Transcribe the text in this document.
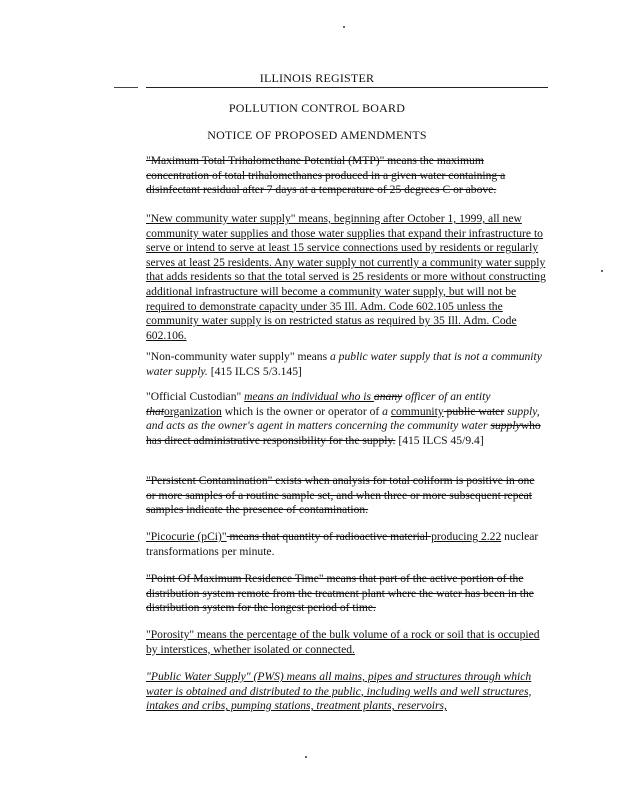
ILLINOIS REGISTER
POLLUTION CONTROL BOARD
NOTICE OF PROPOSED AMENDMENTS

"Maximum Total Trihalomethane Potential (MTP)" means the maximum concentration of total trihalomethanes produced in a given water containing a disinfectant residual after 7 days at a temperature of 25 degrees C or above.

"New community water supply" means, beginning after October 1, 1999, all new community water supplies and those water supplies that expand their infrastructure to serve or intend to serve at least 15 service connections used by residents or regularly serves at least 25 residents. Any water supply not currently a community water supply that adds residents so that the total served is 25 residents or more without constructing additional infrastructure will become a community water supply, but will not be required to demonstrate capacity under 35 Ill. Adm. Code 602.105 unless the community water supply is on restricted status as required by 35 Ill. Adm. Code 602.106.

"Non-community water supply" means a public water supply that is not a community water supply. [415 ILCS 5/3.145]

"Official Custodian" means an individual who is anany officer of an entity thatorganization which is the owner or operator of a community public water supply, and acts as the owner's agent in matters concerning the community water supplywho has direct administrative responsibility for the supply. [415 ILCS 45/9.4]

"Persistent Contamination" exists when analysis for total coliform is positive in one or more samples of a routine sample set, and when three or more subsequent repeat samples indicate the presence of contamination.

"Picocurie (pCi)" means that quantity of radioactive material producing 2.22 nuclear transformations per minute.

"Point Of Maximum Residence Time" means that part of the active portion of the distribution system remote from the treatment plant where the water has been in the distribution system for the longest period of time.

"Porosity" means the percentage of the bulk volume of a rock or soil that is occupied by interstices, whether isolated or connected.

"Public Water Supply" (PWS) means all mains, pipes and structures through which water is obtained and distributed to the public, including wells and well structures, intakes and cribs, pumping stations, treatment plants, reservoirs,
